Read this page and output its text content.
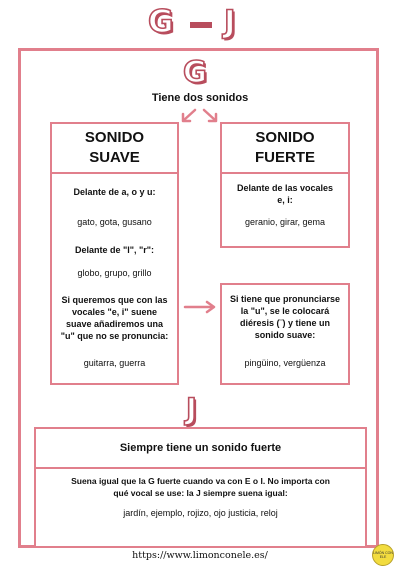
G J
G
Tiene dos sonidos
SONIDO
SUAVE
Delante de a, o y u:
gato, gota, gusano
Delante de "l", "r":
globo, grupo, grillo
Si queremos que con las vocales "e, i" suene suave añadiremos una "u" que no se pronuncia:
guitarra, guerra
SONIDO
FUERTE
Delante de las vocales e, i:
geranio, girar, gema
Si tiene que pronunciarse la "u", se le colocará diéresis (¨) y tiene un sonido suave:
pingüino, vergüenza
J
Siempre tiene un sonido fuerte
Suena igual que la G fuerte cuando va con E o I. No importa con qué vocal se use: la J siempre suena igual:
jardín, ejemplo, rojizo, ojo justicia, reloj
https://www.limonconele.es/	LIMÓN CON ELE
